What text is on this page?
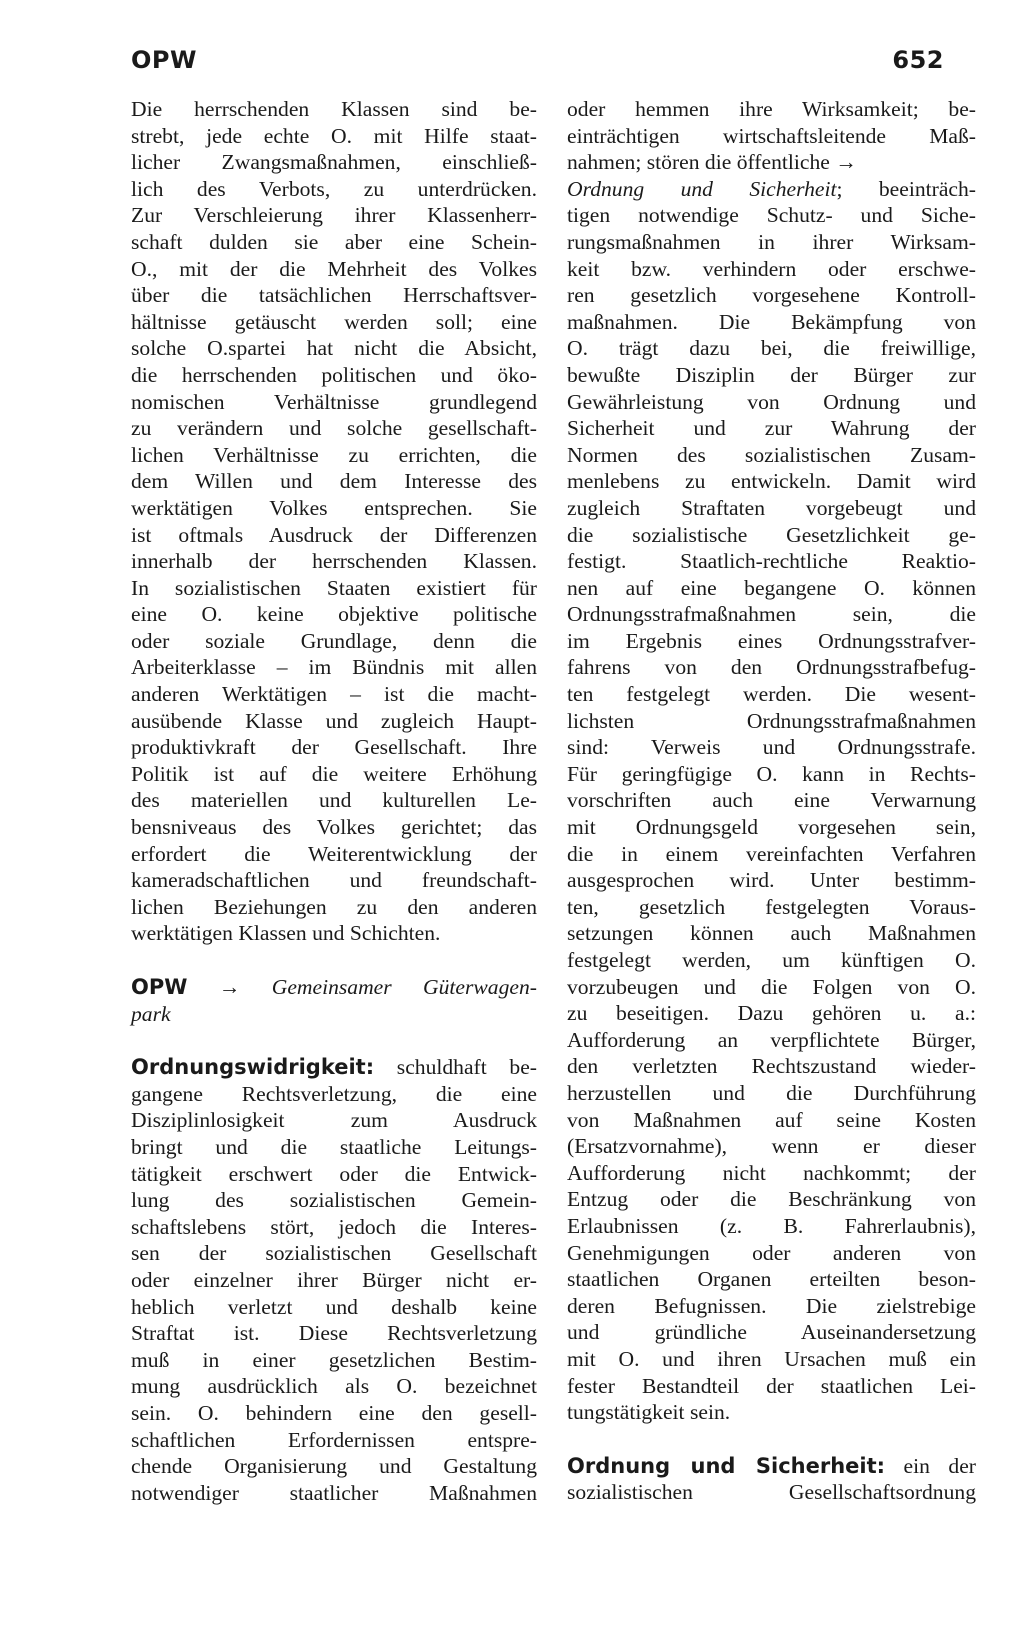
OPW	652
Die herrschenden Klassen sind be-
strebt, jede echte O. mit Hilfe staat-
licher Zwangsmaßnahmen, einschließ-
lich des Verbots, zu unterdrücken.
Zur Verschleierung ihrer Klassenherr-
schaft dulden sie aber eine Schein-
O., mit der die Mehrheit des Volkes
über die tatsächlichen Herrschaftsver-
hältnisse getäuscht werden soll; eine
solche O.spartei hat nicht die Absicht,
die herrschenden politischen und öko-
nomischen Verhältnisse grundlegend
zu verändern und solche gesellschaft-
lichen Verhältnisse zu errichten, die
dem Willen und dem Interesse des
werktätigen Volkes entsprechen. Sie
ist oftmals Ausdruck der Differenzen
innerhalb der herrschenden Klassen.
In sozialistischen Staaten existiert für
eine O. keine objektive politische
oder soziale Grundlage, denn die
Arbeiterklasse – im Bündnis mit allen
anderen Werktätigen – ist die macht-
ausübende Klasse und zugleich Haupt-
produktivkraft der Gesellschaft. Ihre
Politik ist auf die weitere Erhöhung
des materiellen und kulturellen Le-
bensniveaus des Volkes gerichtet; das
erfordert die Weiterentwicklung der
kameradschaftlichen und freundschaft-
lichen Beziehungen zu den anderen
werktätigen Klassen und Schichten.
OPW → Gemeinsamer Güterwagen-
park
Ordnungswidrigkeit: schuldhaft be-
gangene Rechtsverletzung, die eine
Disziplinlosigkeit zum Ausdruck
bringt und die staatliche Leitungs-
tätigkeit erschwert oder die Entwick-
lung des sozialistischen Gemein-
schaftslebens stört, jedoch die Interes-
sen der sozialistischen Gesellschaft
oder einzelner ihrer Bürger nicht er-
heblich verletzt und deshalb keine
Straftat ist. Diese Rechtsverletzung
muß in einer gesetzlichen Bestim-
mung ausdrücklich als O. bezeichnet
sein. O. behindern eine den gesell-
schaftlichen Erfordernissen entspre-
chende Organisierung und Gestaltung
notwendiger staatlicher Maßnahmen
oder hemmen ihre Wirksamkeit; be-
einträchtigen wirtschaftsleitende Maß-
nahmen; stören die öffentliche →
Ordnung und Sicherheit; beeinträch-
tigen notwendige Schutz- und Siche-
rungsmaßnahmen in ihrer Wirksam-
keit bzw. verhindern oder erschwe-
ren gesetzlich vorgesehene Kontroll-
maßnahmen. Die Bekämpfung von
O. trägt dazu bei, die freiwillige,
bewußte Disziplin der Bürger zur
Gewährleistung von Ordnung und
Sicherheit und zur Wahrung der
Normen des sozialistischen Zusam-
menlebens zu entwickeln. Damit wird
zugleich Straftaten vorgebeugt und
die sozialistische Gesetzlichkeit ge-
festigt. Staatlich-rechtliche Reaktio-
nen auf eine begangene O. können
Ordnungsstrafmaßnahmen sein, die
im Ergebnis eines Ordnungsstrafver-
fahrens von den Ordnungsstrafbefug-
ten festgelegt werden. Die wesent-
lichsten Ordnungsstrafmaßnahmen
sind: Verweis und Ordnungsstrafe.
Für geringfügige O. kann in Rechts-
vorschriften auch eine Verwarnung
mit Ordnungsgeld vorgesehen sein,
die in einem vereinfachten Verfahren
ausgesprochen wird. Unter bestimm-
ten, gesetzlich festgelegten Voraus-
setzungen können auch Maßnahmen
festgelegt werden, um künftigen O.
vorzubeugen und die Folgen von O.
zu beseitigen. Dazu gehören u. a.:
Aufforderung an verpflichtete Bürger,
den verletzten Rechtszustand wieder-
herzustellen und die Durchführung
von Maßnahmen auf seine Kosten
(Ersatzvornahme), wenn er dieser
Aufforderung nicht nachkommt; der
Entzug oder die Beschränkung von
Erlaubnissen (z. B. Fahrerlaubnis),
Genehmigungen oder anderen von
staatlichen Organen erteilten beson-
deren Befugnissen. Die zielstrebige
und gründliche Auseinandersetzung
mit O. und ihren Ursachen muß ein
fester Bestandteil der staatlichen Lei-
tungstätigkeit sein.
Ordnung und Sicherheit: ein der
sozialistischen Gesellschaftsordnung
